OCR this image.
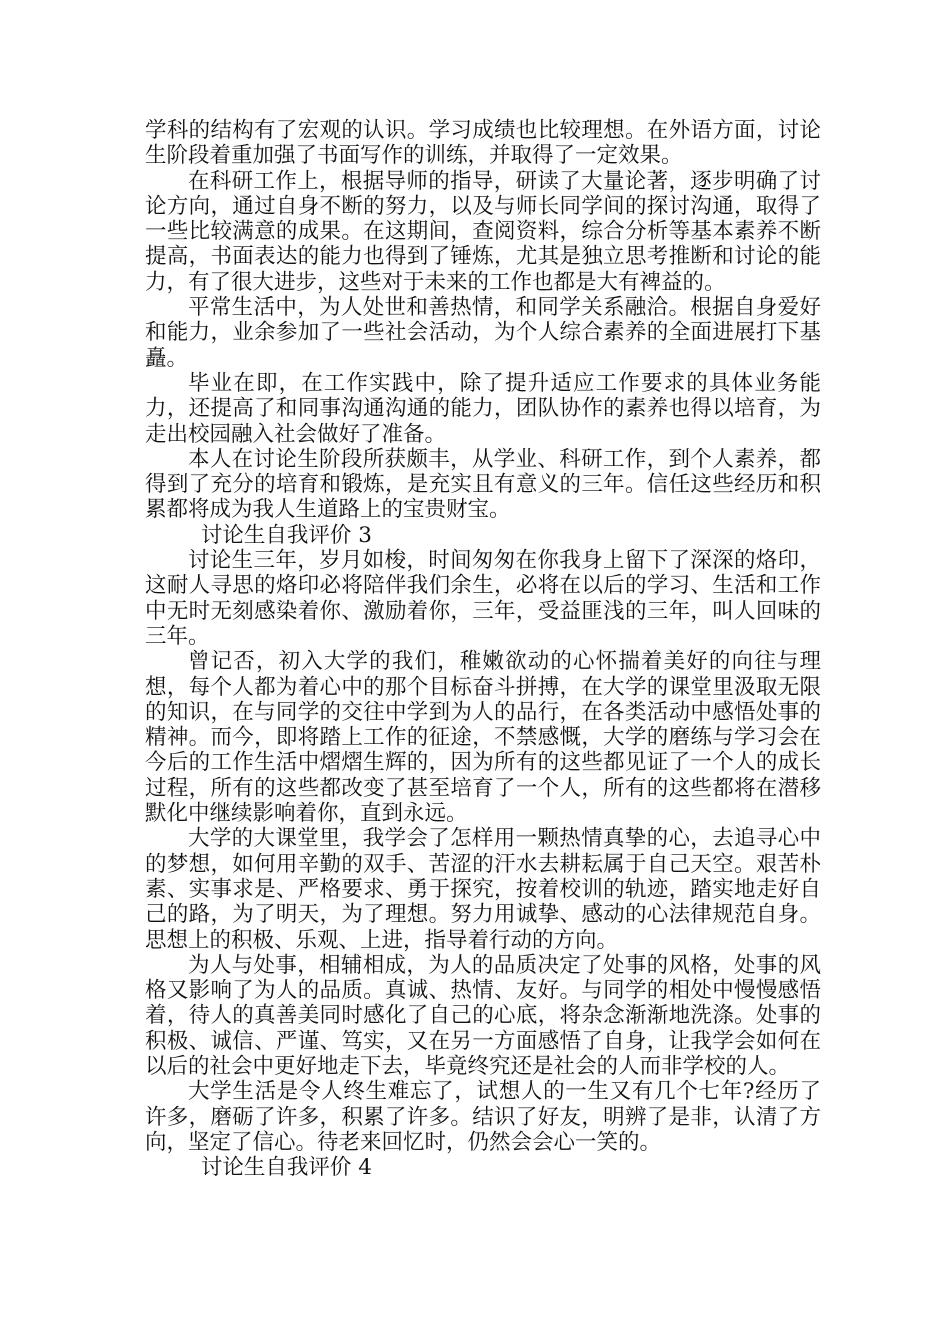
学科的结构有了宏观的认识。学习成绩也比较理想。在外语方面，讨论生阶段着重加强了书面写作的训练，并取得了一定效果。

在科研工作上，根据导师的指导，研读了大量论著，逐步明确了讨论方向，通过自身不断的努力，以及与师长同学间的探讨沟通，取得了一些比较满意的成果。在这期间，查阅资料，综合分析等基本素养不断提高，书面表达的能力也得到了锤炼，尤其是独立思考推断和讨论的能力，有了很大进步，这些对于未来的工作也都是大有裨益的。

平常生活中，为人处世和善热情，和同学关系融洽。根据自身爱好和能力，业余参加了一些社会活动，为个人综合素养的全面进展打下基矗。

毕业在即，在工作实践中，除了提升适应工作要求的具体业务能力，还提高了和同事沟通沟通的能力，团队协作的素养也得以培育，为走出校园融入社会做好了准备。

本人在讨论生阶段所获颇丰，从学业、科研工作，到个人素养，都得到了充分的培育和锻炼，是充实且有意义的三年。信任这些经历和积累都将成为我人生道路上的宝贵财宝。

讨论生自我评价 3

讨论生三年，岁月如梭，时间匆匆在你我身上留下了深深的烙印，这耐人寻思的烙印必将陪伴我们余生，必将在以后的学习、生活和工作中无时无刻感染着你、激励着你，三年，受益匪浅的三年，叫人回味的三年。

曾记否，初入大学的我们，稚嫩欲动的心怀揣着美好的向往与理想，每个人都为着心中的那个目标奋斗拼搏，在大学的课堂里汲取无限的知识，在与同学的交往中学到为人的品行，在各类活动中感悟处事的精神。而今，即将踏上工作的征途，不禁感慨，大学的磨练与学习会在今后的工作生活中熠熠生辉的，因为所有的这些都见证了一个人的成长过程，所有的这些都改变了甚至培育了一个人，所有的这些都将在潜移默化中继续影响着你，直到永远。

大学的大课堂里，我学会了怎样用一颗热情真挚的心，去追寻心中的梦想，如何用辛勤的双手、苦涩的汗水去耕耘属于自己天空。艰苦朴素、实事求是、严格要求、勇于探究，按着校训的轨迹，踏实地走好自己的路，为了明天，为了理想。努力用诚挚、感动的心法律规范自身。思想上的积极、乐观、上进，指导着行动的方向。

为人与处事，相辅相成，为人的品质决定了处事的风格，处事的风格又影响了为人的品质。真诚、热情、友好。与同学的相处中慢慢感悟着，待人的真善美同时感化了自己的心底，将杂念渐渐地洗涤。处事的积极、诚信、严谨、笃实，又在另一方面感悟了自身，让我学会如何在以后的社会中更好地走下去，毕竟终究还是社会的人而非学校的人。

大学生活是令人终生难忘了，试想人的一生又有几个七年?经历了许多，磨砺了许多，积累了许多。结识了好友，明辨了是非，认清了方向，坚定了信心。待老来回忆时，仍然会会心一笑的。

讨论生自我评价 4
